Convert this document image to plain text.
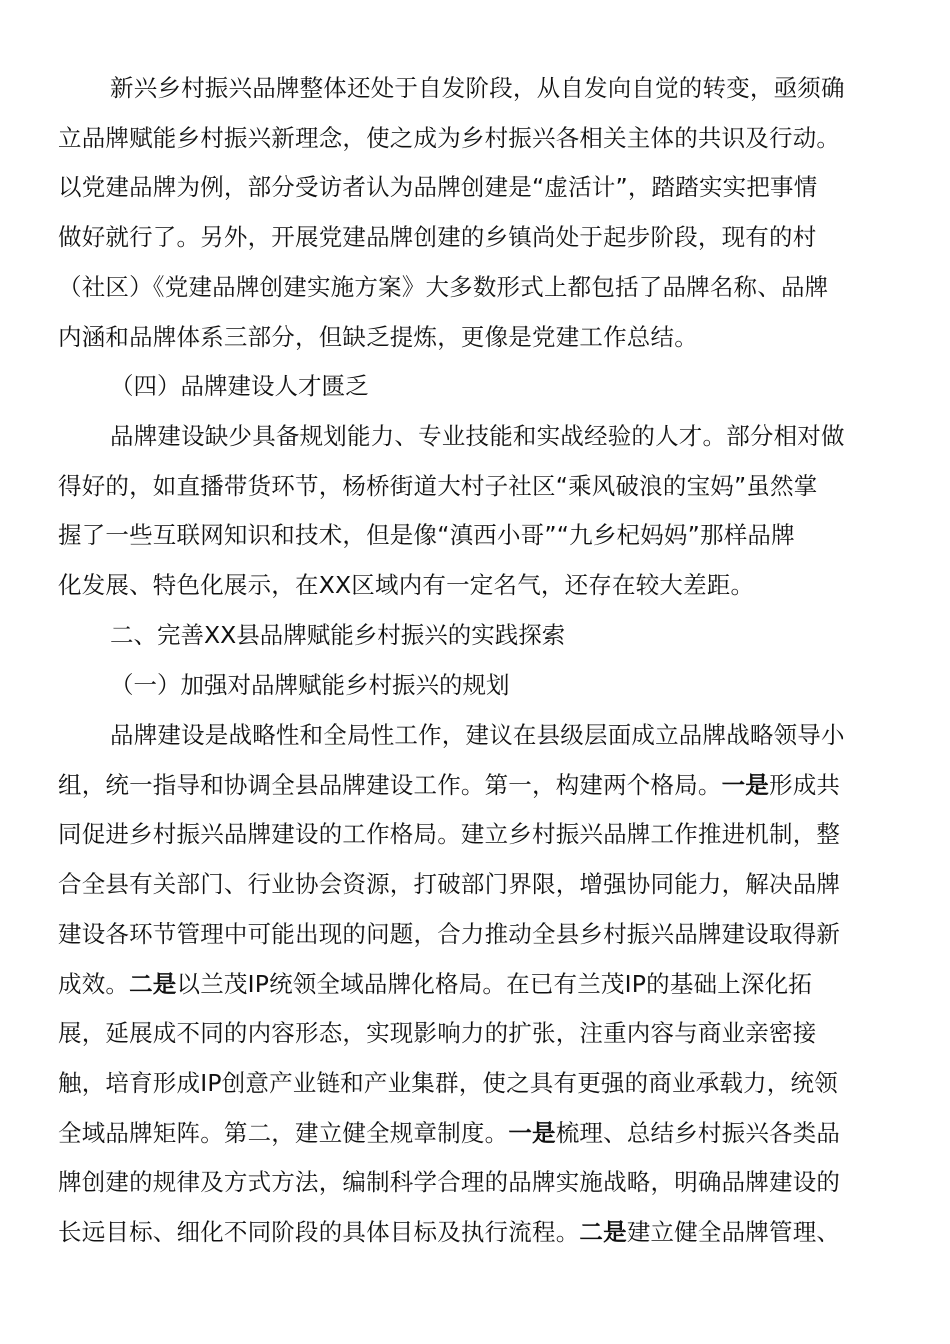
新兴乡村振兴品牌整体还处于自发阶段，从自发向自觉的转变，亟须确
立品牌赋能乡村振兴新理念，使之成为乡村振兴各相关主体的共识及行动。
以党建品牌为例，部分受访者认为品牌创建是“虚活计”，踏踏实实把事情
做好就行了。另外，开展党建品牌创建的乡镇尚处于起步阶段，现有的村
（社区）《党建品牌创建实施方案》大多数形式上都包括了品牌名称、品牌
内涵和品牌体系三部分，但缺乏提炼，更像是党建工作总结。

（四）品牌建设人才匮乏

品牌建设缺少具备规划能力、专业技能和实战经验的人才。部分相对做
得好的，如直播带货环节，杨桥街道大村子社区“乘风破浪的宝妈”虽然掌
握了一些互联网知识和技术，但是像“滇西小哥”“九乡杞妈妈”那样品牌
化发展、特色化展示，在XX区域内有一定名气，还存在较大差距。

二、完善XX县品牌赋能乡村振兴的实践探索

（一）加强对品牌赋能乡村振兴的规划

品牌建设是战略性和全局性工作，建议在县级层面成立品牌战略领导小
组，统一指导和协调全县品牌建设工作。第一，构建两个格局。一是形成共
同促进乡村振兴品牌建设的工作格局。建立乡村振兴品牌工作推进机制，整
合全县有关部门、行业协会资源，打破部门界限，增强协同能力，解决品牌
建设各环节管理中可能出现的问题，合力推动全县乡村振兴品牌建设取得新
成效。二是以兰茂IP统领全域品牌化格局。在已有兰茂IP的基础上深化拓
展，延展成不同的内容形态，实现影响力的扩张，注重内容与商业亲密接
触，培育形成IP创意产业链和产业集群，使之具有更强的商业承载力，统领
全域品牌矩阵。第二，建立健全规章制度。一是梳理、总结乡村振兴各类品
牌创建的规律及方式方法，编制科学合理的品牌实施战略，明确品牌建设的
长远目标、细化不同阶段的具体目标及执行流程。二是建立健全品牌管理、
